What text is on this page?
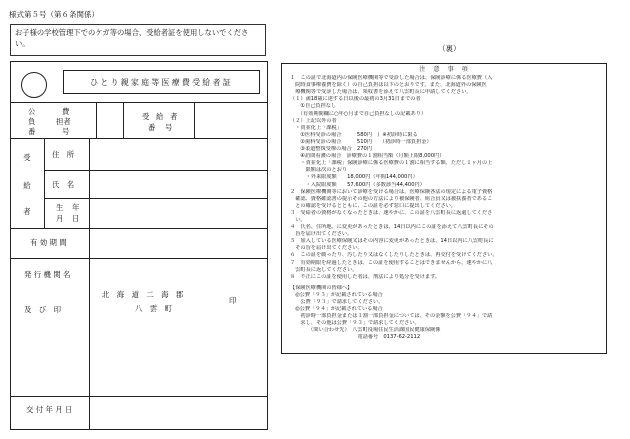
様式第５号（第６条関係）
お子様の学校管理下でのケガ等の場合、受給者証を使用しないでください。
ひとり親家庭等医療費受給者証
公	費
負	担者
番	号
受 給 者
番 号
受
給
者
住　所
氏　名
生 年
月 日
有 効 期 間
発 行 機 関 名
及　び　印
北　海　道　二　海　郡
八　雲　町
印
交 付 年 月 日
（裏）
注 意 事 項
１　この証で北海道内の保険医療機関等で受診した場合は、保険診療に係る医療費（入
　院時食事療養費を除く）の自己負担は以下のとおりです。また、北海道外の保険医
　療機関等で受診した場合は、領収書を添えて八雲町長に申請してください。
（１）満18歳に達する日以後の最初の3月31日までの者
　　①自己負担なし
　　（有効期間欄に○年○月まで自己負担なしの記載あり）
（２）上記以外の者
　・責並化上「課税」
　　①医科受診の場合　　　580円　｝※初診時に限る
　　②歯科受診の場合　　　510円　　（初診時一部負担金）
　　③柔道整復受療の場合　270円
　　④訪問看護の場合　診療費の１割相当額（月額上限8,000円）
　　・責並化上「課税」保険診療に係る医療費の１割に相当する額、ただし１ヶ月の上
　　　限額は次のとおり
　　　・外来限度額　　18,000円（年間144,000円）
　　　・入院限度額　　57,600円（多数該当44,400円）
２　保険医療機関等において診療を受ける場合は、医療保険各法の規定による電子資格
　確認、資格確認書の提示その他の方法により被保険者、組合員又は被扶養者であるこ
　との確認を受けるとともに、この証を必ず窓口に提出してください。
３　受給者の資格がなくなったときは、速やかに、この証を八雲町長に返還してくださ
　い。
４　氏名、住所地、に変更があったときは、14日以内にこの証を添えて八雲町長にその
　旨を届け出てください。
５　加入している医療保険又はその内容に変更があったときは、14日以内に八雲町長に
　その旨を届け出てください。
６　この証を破ったり、汚したり又はなくしたりしたときは、再交付を受けてください。
７　有効期限を経過したときは、この証を使用することはできませんから、速やかに八
　雲町長に返してください。
８　不正にこの証を使用した者は、刑法により処分を受けます。
【保険医療機関の皆様へ】
　◎公費「９３」が記載されている場合
　　公費「９３」で請求してください。
　◎公費「９４」が記載されている場合
　　初診時一部負担金または１割一部負担金については、その金額を公費「９４」で請
　　求し、その他は公費「９３」で請求してください。
　　　　（問い合わせ先）　八雲町役場住民生活課国民健康保険係
　　　　　　　　　　　　　電話番号　0137-62-2112
